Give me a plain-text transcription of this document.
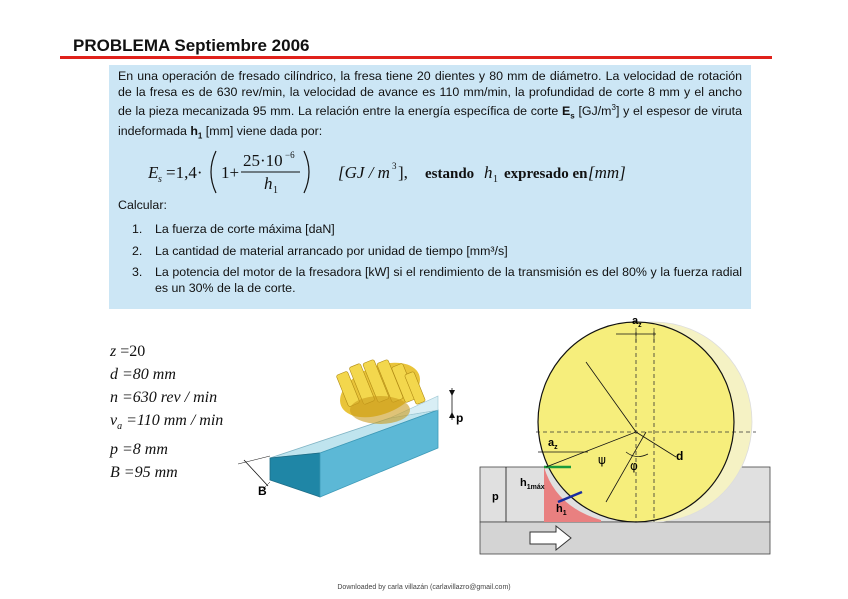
PROBLEMA Septiembre 2006
En una operación de fresado cilíndrico, la fresa tiene 20 dientes y 80 mm de diámetro. La velocidad de rotación de la fresa es de 630 rev/min, la velocidad de avance es 110 mm/min, la profundidad de corte 8 mm y el ancho de la pieza mecanizada 95 mm. La relación entre la energía específica de corte $E_s$ $[GJ/m^3]$ y el espesor de viruta indeformada $h_1$ [mm] viene dada por:
E s =1,4· 1+
25·10 −6
h 1
[GJ / m 3 ], estando h 1 expresado en [mm]
Calcular:
1. La fuerza de corte máxima [daN]
2. La cantidad de material arrancado por unidad de tiempo [mm³/s]
3. La potencia del motor de la fresadora [kW] si el rendimiento de la transmisión es del 80% y la fuerza radial es un 30% de la de corte.
z =20
d =80 mm
n =630 rev / min
$v_a =110$ mm / min
p =8 mm
B =95 mm
p
B
$a_z$
$a_z$
ψ φ
d
$h_{1máx}$
$h_1$
p
Downloaded by carla villazán (carlavillazro@gmail.com)
